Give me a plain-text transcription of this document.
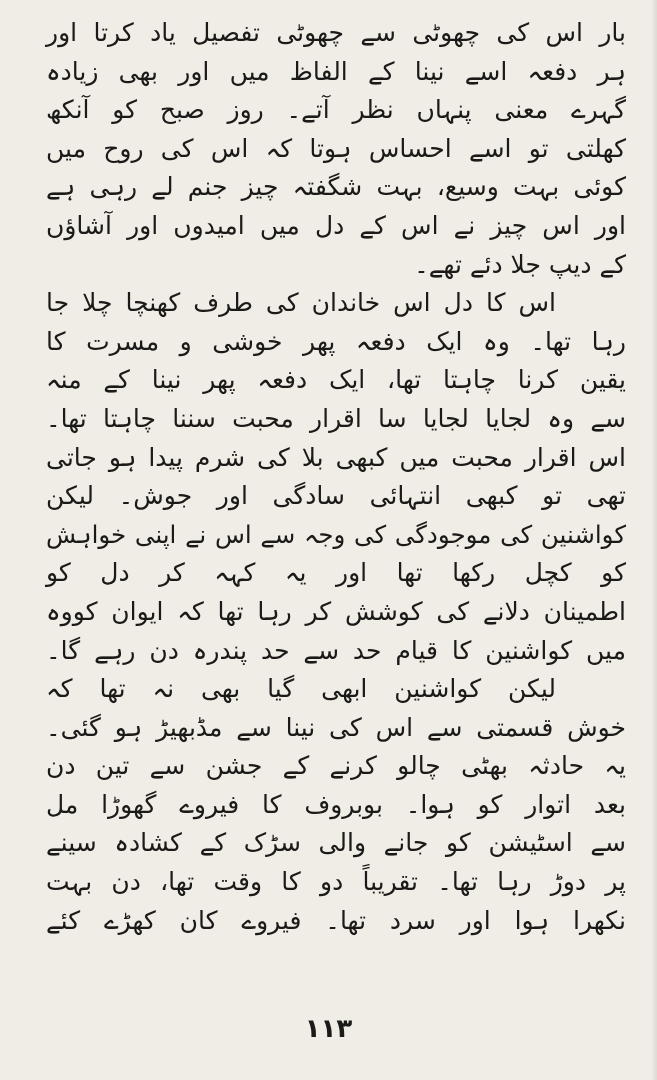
بار اس کی چھوٹی سے چھوٹی تفصیل یاد کرتا اور
ہر دفعہ اسے نینا کے الفاظ میں اور بھی زیادہ
گہرے معنی پنہاں نظر آتے۔ روز صبح کو آنکھ
کھلتی تو اسے احساس ہوتا کہ اس کی روح میں
کوئی بہت وسیع، بہت شگفتہ چیز جنم لے رہی ہے
اور اس چیز نے اس کے دل میں امیدوں اور آشاؤں
کے دیپ جلا دئے تھے۔
اس کا دل اس خاندان کی طرف کھنچا چلا جا
رہا تھا۔ وہ ایک دفعہ پھر خوشی و مسرت کا
یقین کرنا چاہتا تھا، ایک دفعہ پھر نینا کے منہ
سے وہ لجایا لجایا سا اقرار محبت سننا چاہتا تھا۔
اس اقرار محبت میں کبھی بلا کی شرم پیدا ہو جاتی
تھی تو کبھی انتہائی سادگی اور جوش۔ لیکن
کواشنین کی موجودگی کی وجہ سے اس نے اپنی خواہش
کو کچل رکھا تھا اور یہ کہہ کر دل کو
اطمینان دلانے کی کوشش کر رہا تھا کہ ایوان کووہ
میں کواشنین کا قیام حد سے حد پندرہ دن رہے گا۔
لیکن کواشنین ابھی گیا بھی نہ تھا کہ
خوش قسمتی سے اس کی نینا سے مڈبھیڑ ہو گئی۔
یہ حادثہ بھٹی چالو کرنے کے جشن سے تین دن
بعد اتوار کو ہوا۔ بوبروف کا فیروے گھوڑا مل
سے اسٹیشن کو جانے والی سڑک کے کشادہ سینے
پر دوڑ رہا تھا۔ تقریباً دو کا وقت تھا، دن بہت
نکھرا ہوا اور سرد تھا۔ فیروے کان کھڑے کئے
۱۱۳
